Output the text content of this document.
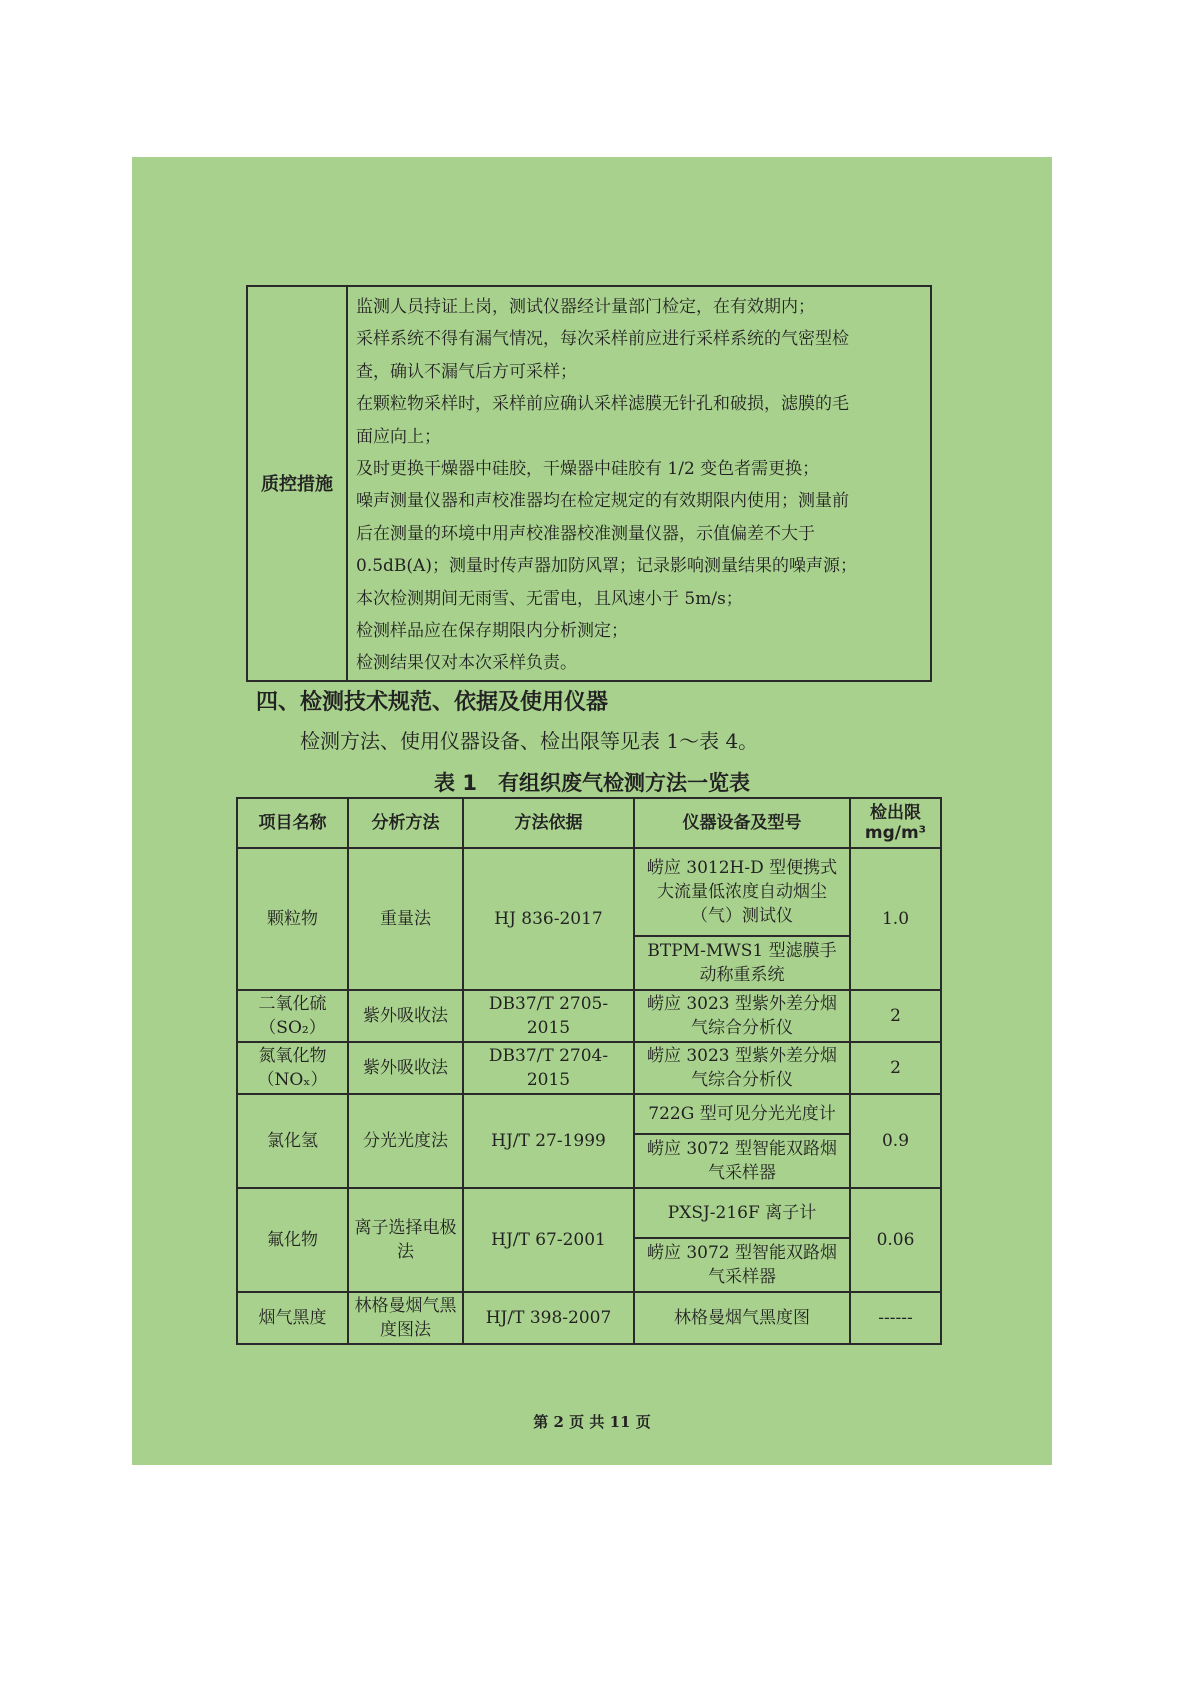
质控措施	
监测人员持证上岗，测试仪器经计量部门检定，在有效期内；
采样系统不得有漏气情况，每次采样前应进行采样系统的气密型检
查，确认不漏气后方可采样；
在颗粒物采样时，采样前应确认采样滤膜无针孔和破损，滤膜的毛
面应向上；
及时更换干燥器中硅胶，干燥器中硅胶有 1/2 变色者需更换；
噪声测量仪器和声校准器均在检定规定的有效期限内使用；测量前
后在测量的环境中用声校准器校准测量仪器，示值偏差不大于
0.5dB(A)；测量时传声器加防风罩；记录影响测量结果的噪声源；
本次检测期间无雨雪、无雷电，且风速小于 5m/s；
检测样品应在保存期限内分析测定；
检测结果仅对本次采样负责。
四、检测技术规范、依据及使用仪器
检测方法、使用仪器设备、检出限等见表 1～表 4。
表 1　有组织废气检测方法一览表
项目名称	分析方法	方法依据	仪器设备及型号	检出限
mg/m³
颗粒物	重量法	HJ 836-2017	崂应 3012H-D 型便携式大流量低浓度自动烟尘（气）测试仪	1.0
			BTPM-MWS1 型滤膜手动称重系统	
二氧化硫
（SO₂）	紫外吸收法	DB37/T 2705-2015	崂应 3023 型紫外差分烟气综合分析仪	2
氮氧化物
（NOₓ）	紫外吸收法	DB37/T 2704-2015	崂应 3023 型紫外差分烟气综合分析仪	2
氯化氢	分光光度法	HJ/T 27-1999	722G 型可见分光光度计	0.9
			崂应 3072 型智能双路烟气采样器	
氟化物	离子选择电极法	HJ/T 67-2001	PXSJ-216F 离子计	0.06
			崂应 3072 型智能双路烟气采样器	
烟气黑度	林格曼烟气黑度图法	HJ/T 398-2007	林格曼烟气黑度图	------
第 2 页 共 11 页
